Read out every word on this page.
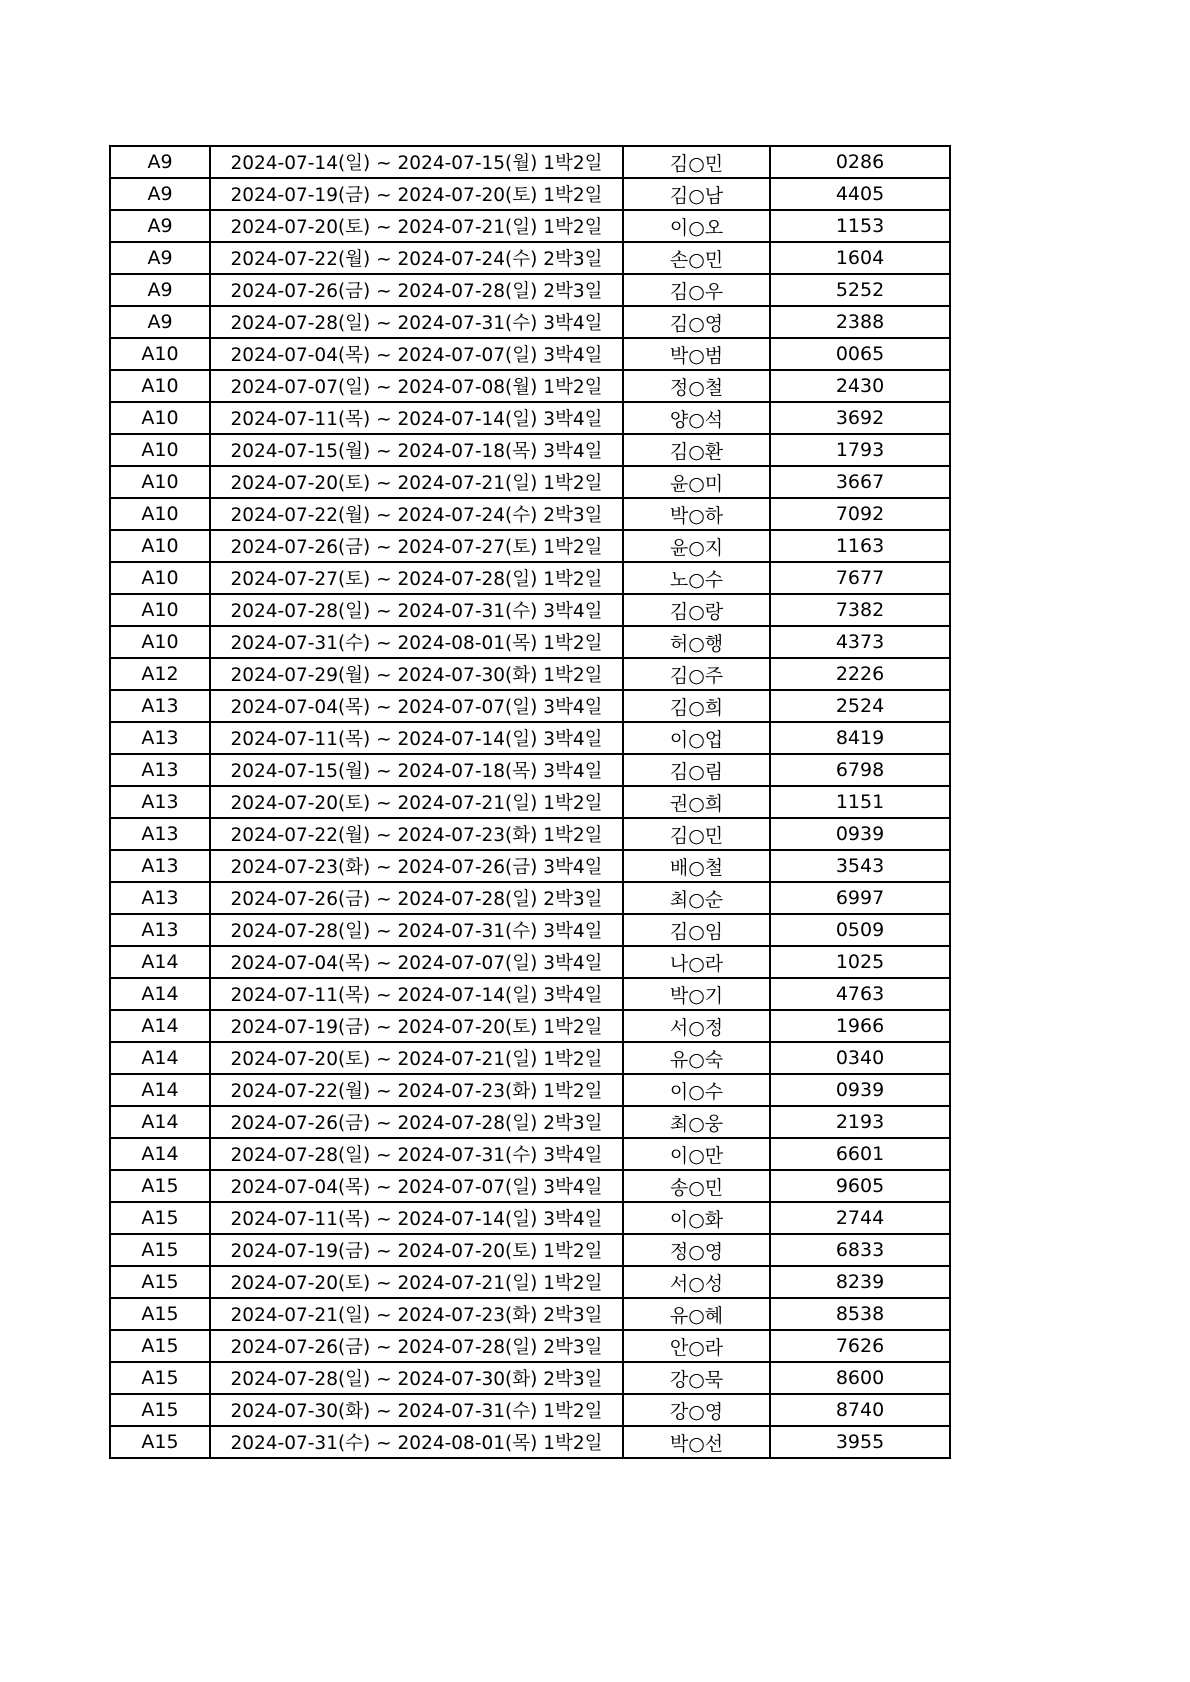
A9	2024-07-14(일) ~ 2024-07-15(월) 1박2일	김○민	0286
A9	2024-07-19(금) ~ 2024-07-20(토) 1박2일	김○남	4405
A9	2024-07-20(토) ~ 2024-07-21(일) 1박2일	이○오	1153
A9	2024-07-22(월) ~ 2024-07-24(수) 2박3일	손○민	1604
A9	2024-07-26(금) ~ 2024-07-28(일) 2박3일	김○우	5252
A9	2024-07-28(일) ~ 2024-07-31(수) 3박4일	김○영	2388
A10	2024-07-04(목) ~ 2024-07-07(일) 3박4일	박○범	0065
A10	2024-07-07(일) ~ 2024-07-08(월) 1박2일	정○철	2430
A10	2024-07-11(목) ~ 2024-07-14(일) 3박4일	양○석	3692
A10	2024-07-15(월) ~ 2024-07-18(목) 3박4일	김○환	1793
A10	2024-07-20(토) ~ 2024-07-21(일) 1박2일	윤○미	3667
A10	2024-07-22(월) ~ 2024-07-24(수) 2박3일	박○하	7092
A10	2024-07-26(금) ~ 2024-07-27(토) 1박2일	윤○지	1163
A10	2024-07-27(토) ~ 2024-07-28(일) 1박2일	노○수	7677
A10	2024-07-28(일) ~ 2024-07-31(수) 3박4일	김○랑	7382
A10	2024-07-31(수) ~ 2024-08-01(목) 1박2일	허○행	4373
A12	2024-07-29(월) ~ 2024-07-30(화) 1박2일	김○주	2226
A13	2024-07-04(목) ~ 2024-07-07(일) 3박4일	김○희	2524
A13	2024-07-11(목) ~ 2024-07-14(일) 3박4일	이○업	8419
A13	2024-07-15(월) ~ 2024-07-18(목) 3박4일	김○림	6798
A13	2024-07-20(토) ~ 2024-07-21(일) 1박2일	권○희	1151
A13	2024-07-22(월) ~ 2024-07-23(화) 1박2일	김○민	0939
A13	2024-07-23(화) ~ 2024-07-26(금) 3박4일	배○철	3543
A13	2024-07-26(금) ~ 2024-07-28(일) 2박3일	최○순	6997
A13	2024-07-28(일) ~ 2024-07-31(수) 3박4일	김○임	0509
A14	2024-07-04(목) ~ 2024-07-07(일) 3박4일	나○라	1025
A14	2024-07-11(목) ~ 2024-07-14(일) 3박4일	박○기	4763
A14	2024-07-19(금) ~ 2024-07-20(토) 1박2일	서○정	1966
A14	2024-07-20(토) ~ 2024-07-21(일) 1박2일	유○숙	0340
A14	2024-07-22(월) ~ 2024-07-23(화) 1박2일	이○수	0939
A14	2024-07-26(금) ~ 2024-07-28(일) 2박3일	최○웅	2193
A14	2024-07-28(일) ~ 2024-07-31(수) 3박4일	이○만	6601
A15	2024-07-04(목) ~ 2024-07-07(일) 3박4일	송○민	9605
A15	2024-07-11(목) ~ 2024-07-14(일) 3박4일	이○화	2744
A15	2024-07-19(금) ~ 2024-07-20(토) 1박2일	정○영	6833
A15	2024-07-20(토) ~ 2024-07-21(일) 1박2일	서○성	8239
A15	2024-07-21(일) ~ 2024-07-23(화) 2박3일	유○혜	8538
A15	2024-07-26(금) ~ 2024-07-28(일) 2박3일	안○라	7626
A15	2024-07-28(일) ~ 2024-07-30(화) 2박3일	강○묵	8600
A15	2024-07-30(화) ~ 2024-07-31(수) 1박2일	강○영	8740
A15	2024-07-31(수) ~ 2024-08-01(목) 1박2일	박○선	3955
